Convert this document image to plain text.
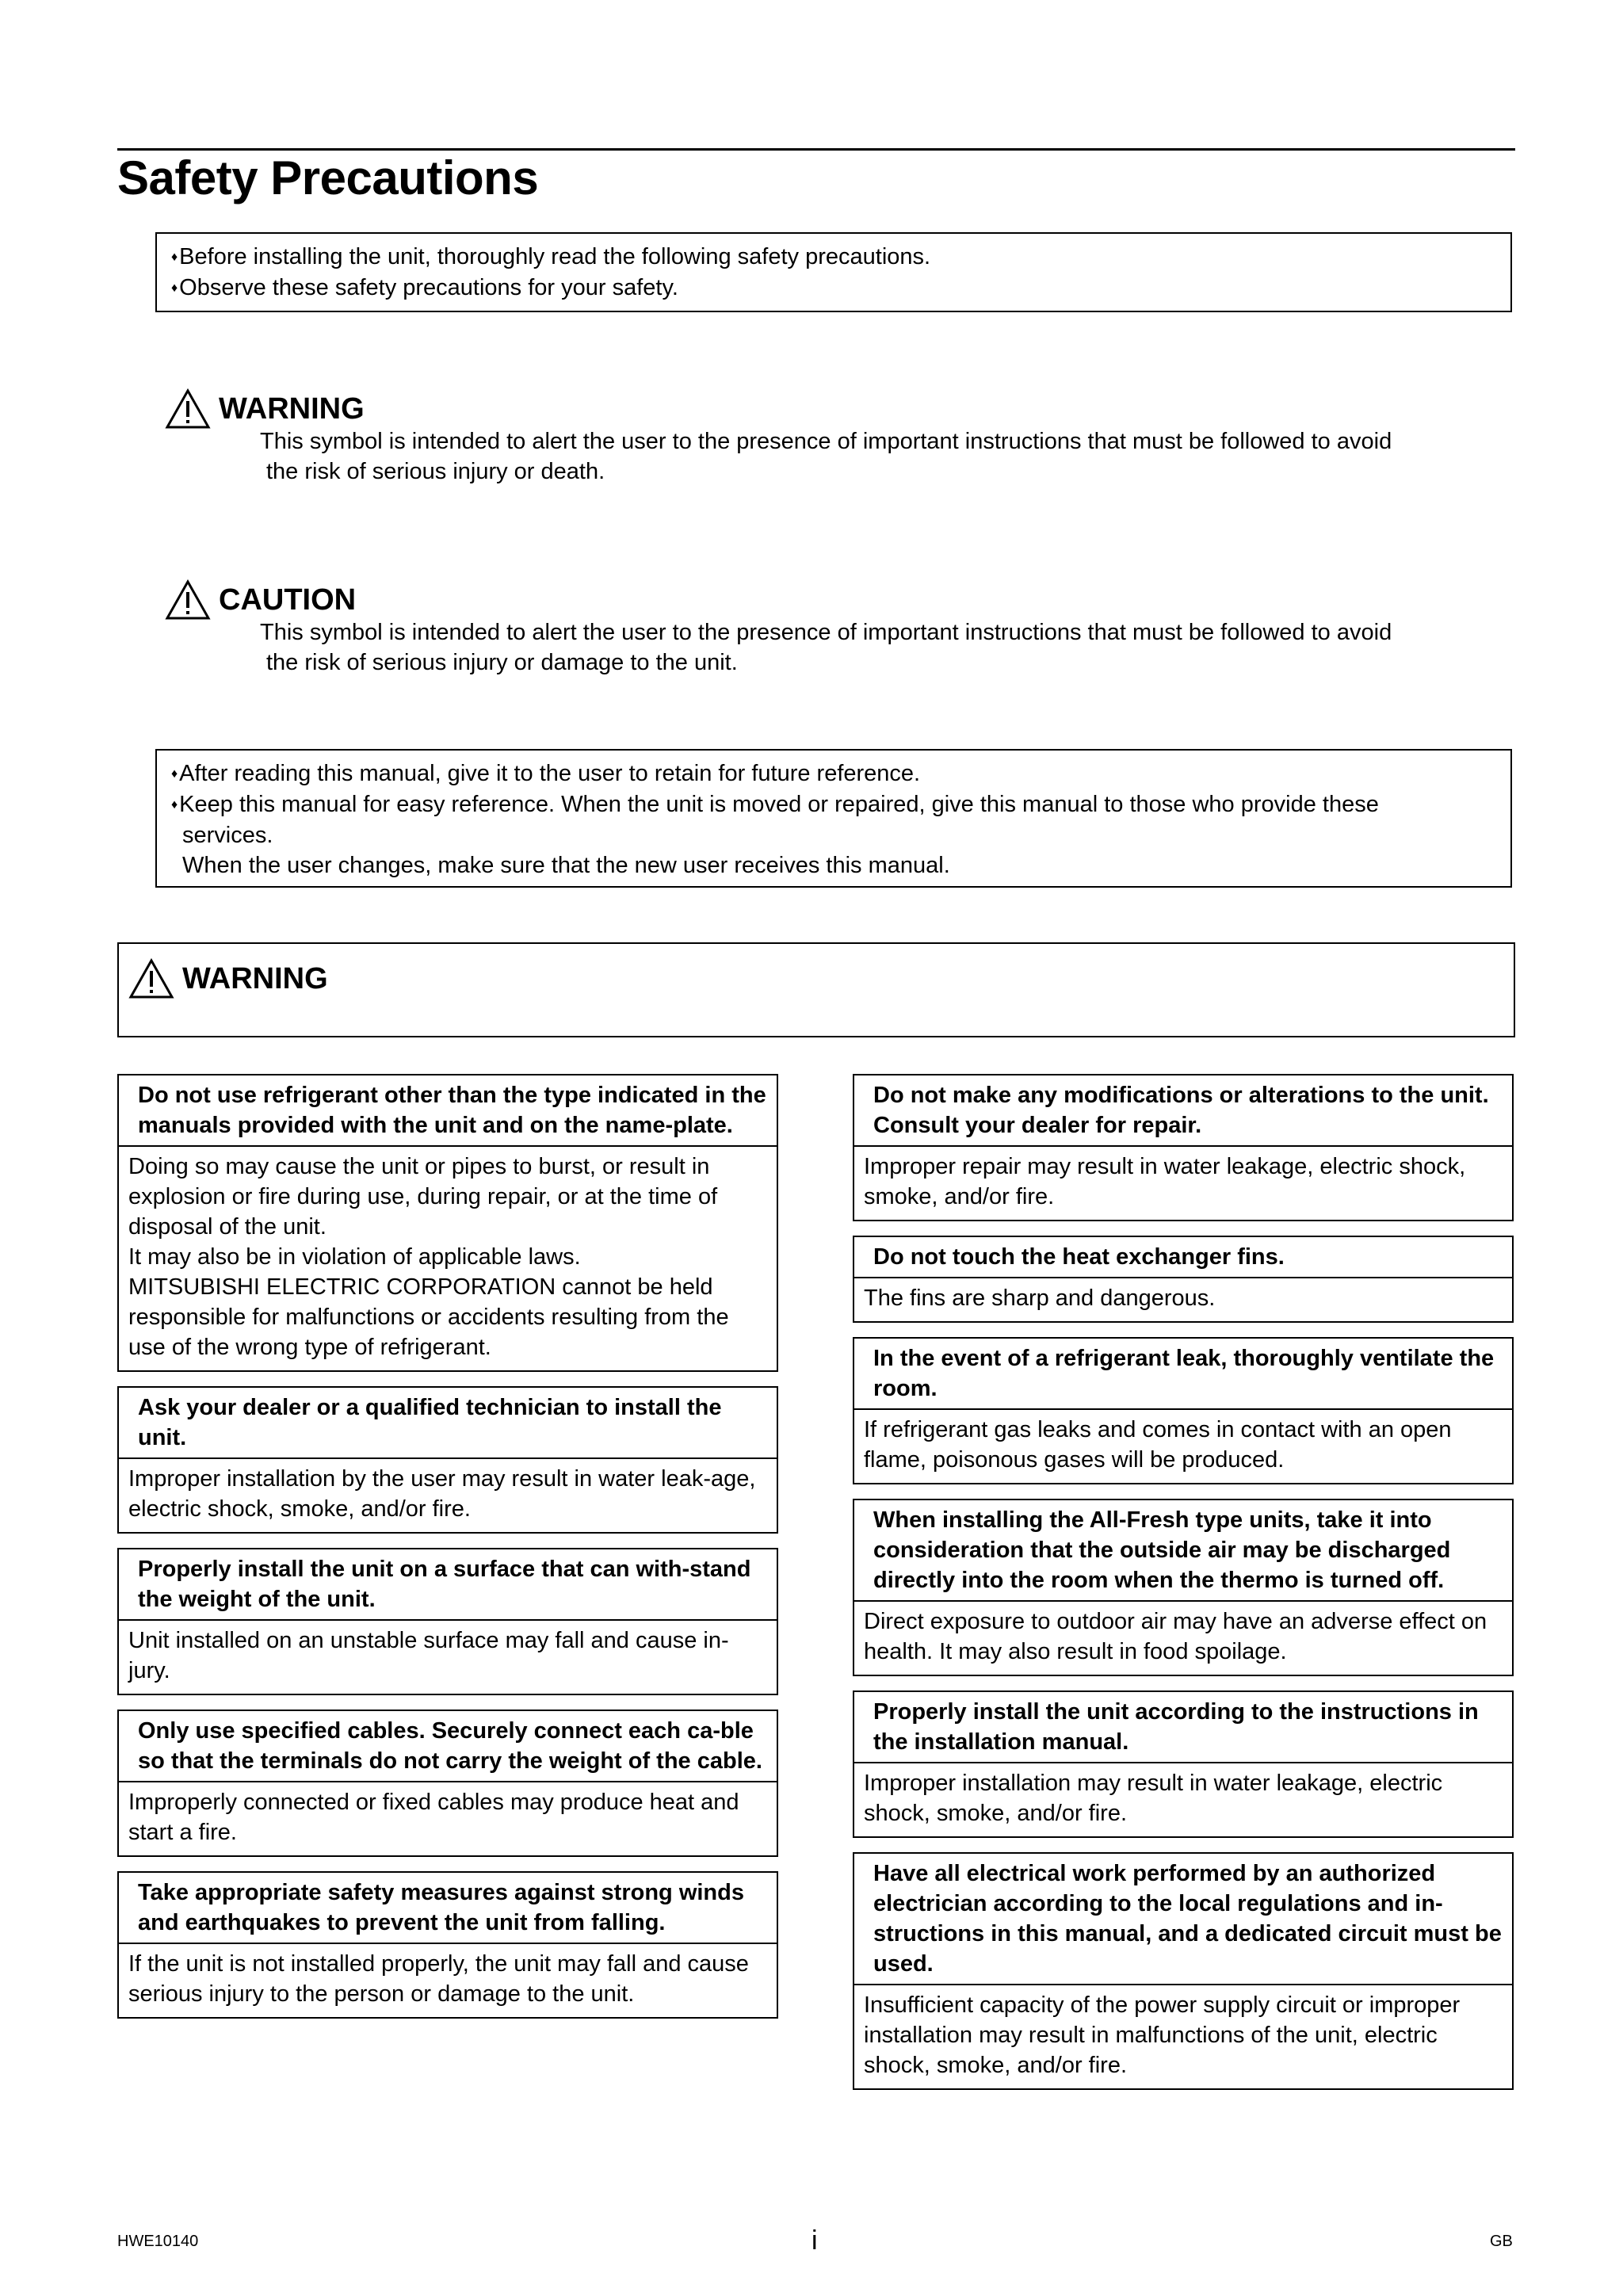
Safety Precautions
♦Before installing the unit, thoroughly read the following safety precautions.
♦Observe these safety precautions for your safety.
WARNING
This symbol is intended to alert the user to the presence of important instructions that must be followed to avoid
the risk of serious injury or death.
CAUTION
This symbol is intended to alert the user to the presence of important instructions that must be followed to avoid
the risk of serious injury or damage to the unit.
♦After reading this manual, give it to the user to retain for future reference.
♦Keep this manual for easy reference. When the unit is moved or repaired, give this manual to those who provide these
services.
When the user changes, make sure that the new user receives this manual.
WARNING
Do not use refrigerant other than the type indicated in the manuals provided with the unit and on the name-plate.
Doing so may cause the unit or pipes to burst, or result in explosion or fire during use, during repair, or at the time of disposal of the unit.
It may also be in violation of applicable laws.
MITSUBISHI ELECTRIC CORPORATION cannot be held responsible for malfunctions or accidents resulting from the use of the wrong type of refrigerant.
Ask your dealer or a qualified technician to install the unit.
Improper installation by the user may result in water leak-age, electric shock, smoke, and/or fire.
Properly install the unit on a surface that can with-stand the weight of the unit.
Unit installed on an unstable surface may fall and cause in-jury.
Only use specified cables. Securely connect each ca-ble so that the terminals do not carry the weight of the cable.
Improperly connected or fixed cables may produce heat and start a fire.
Take appropriate safety measures against strong winds and earthquakes to prevent the unit from falling.
If the unit is not installed properly, the unit may fall and cause serious injury to the person or damage to the unit.
Do not make any modifications or alterations to the unit. Consult your dealer for repair.
Improper repair may result in water leakage, electric shock, smoke, and/or fire.
Do not touch the heat exchanger fins.
The fins are sharp and dangerous.
In the event of a refrigerant leak, thoroughly ventilate the room.
If refrigerant gas leaks and comes in contact with an open flame, poisonous gases will be produced.
When installing the All-Fresh type units, take it into consideration that the outside air may be discharged directly into the room when the thermo is turned off.
Direct exposure to outdoor air may have an adverse effect on health. It may also result in food spoilage.
Properly install the unit according to the instructions in the installation manual.
Improper installation may result in water leakage, electric shock, smoke, and/or fire.
Have all electrical work performed by an authorized electrician according to the local regulations and in-structions in this manual, and a dedicated circuit must be used.
Insufficient capacity of the power supply circuit or improper installation may result in malfunctions of the unit, electric shock, smoke, and/or fire.
HWE10140	i	GB
